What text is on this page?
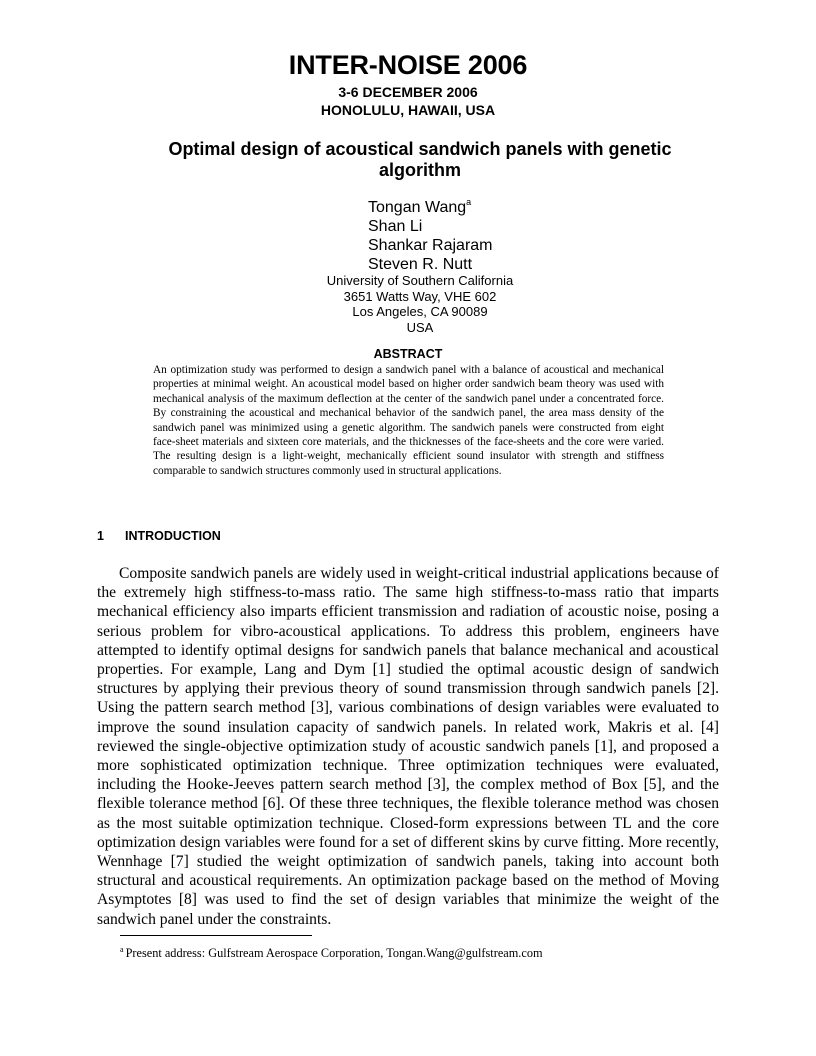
INTER-NOISE 2006
3-6 DECEMBER 2006
HONOLULU, HAWAII, USA
Optimal design of acoustical sandwich panels with genetic algorithm
Tongan Wang$^a$
Shan Li
Shankar Rajaram
Steven R. Nutt
University of Southern California
3651 Watts Way, VHE 602
Los Angeles, CA 90089
USA
ABSTRACT
An optimization study was performed to design a sandwich panel with a balance of acoustical and mechanical properties at minimal weight. An acoustical model based on higher order sandwich beam theory was used with mechanical analysis of the maximum deflection at the center of the sandwich panel under a concentrated force. By constraining the acoustical and mechanical behavior of the sandwich panel, the area mass density of the sandwich panel was minimized using a genetic algorithm. The sandwich panels were constructed from eight face-sheet materials and sixteen core materials, and the thicknesses of the face-sheets and the core were varied. The resulting design is a light-weight, mechanically efficient sound insulator with strength and stiffness comparable to sandwich structures commonly used in structural applications.
1 INTRODUCTION
Composite sandwich panels are widely used in weight-critical industrial applications because of the extremely high stiffness-to-mass ratio. The same high stiffness-to-mass ratio that imparts mechanical efficiency also imparts efficient transmission and radiation of acoustic noise, posing a serious problem for vibro-acoustical applications. To address this problem, engineers have attempted to identify optimal designs for sandwich panels that balance mechanical and acoustical properties. For example, Lang and Dym [1] studied the optimal acoustic design of sandwich structures by applying their previous theory of sound transmission through sandwich panels [2]. Using the pattern search method [3], various combinations of design variables were evaluated to improve the sound insulation capacity of sandwich panels. In related work, Makris et al. [4] reviewed the single-objective optimization study of acoustic sandwich panels [1], and proposed a more sophisticated optimization technique. Three optimization techniques were evaluated, including the Hooke-Jeeves pattern search method [3], the complex method of Box [5], and the flexible tolerance method [6]. Of these three techniques, the flexible tolerance method was chosen as the most suitable optimization technique. Closed-form expressions between TL and the core optimization design variables were found for a set of different skins by curve fitting. More recently, Wennhage [7] studied the weight optimization of sandwich panels, taking into account both structural and acoustical requirements. An optimization package based on the method of Moving Asymptotes [8] was used to find the set of design variables that minimize the weight of the sandwich panel under the constraints.
$^a$ Present address: Gulfstream Aerospace Corporation, Tongan.Wang@gulfstream.com
